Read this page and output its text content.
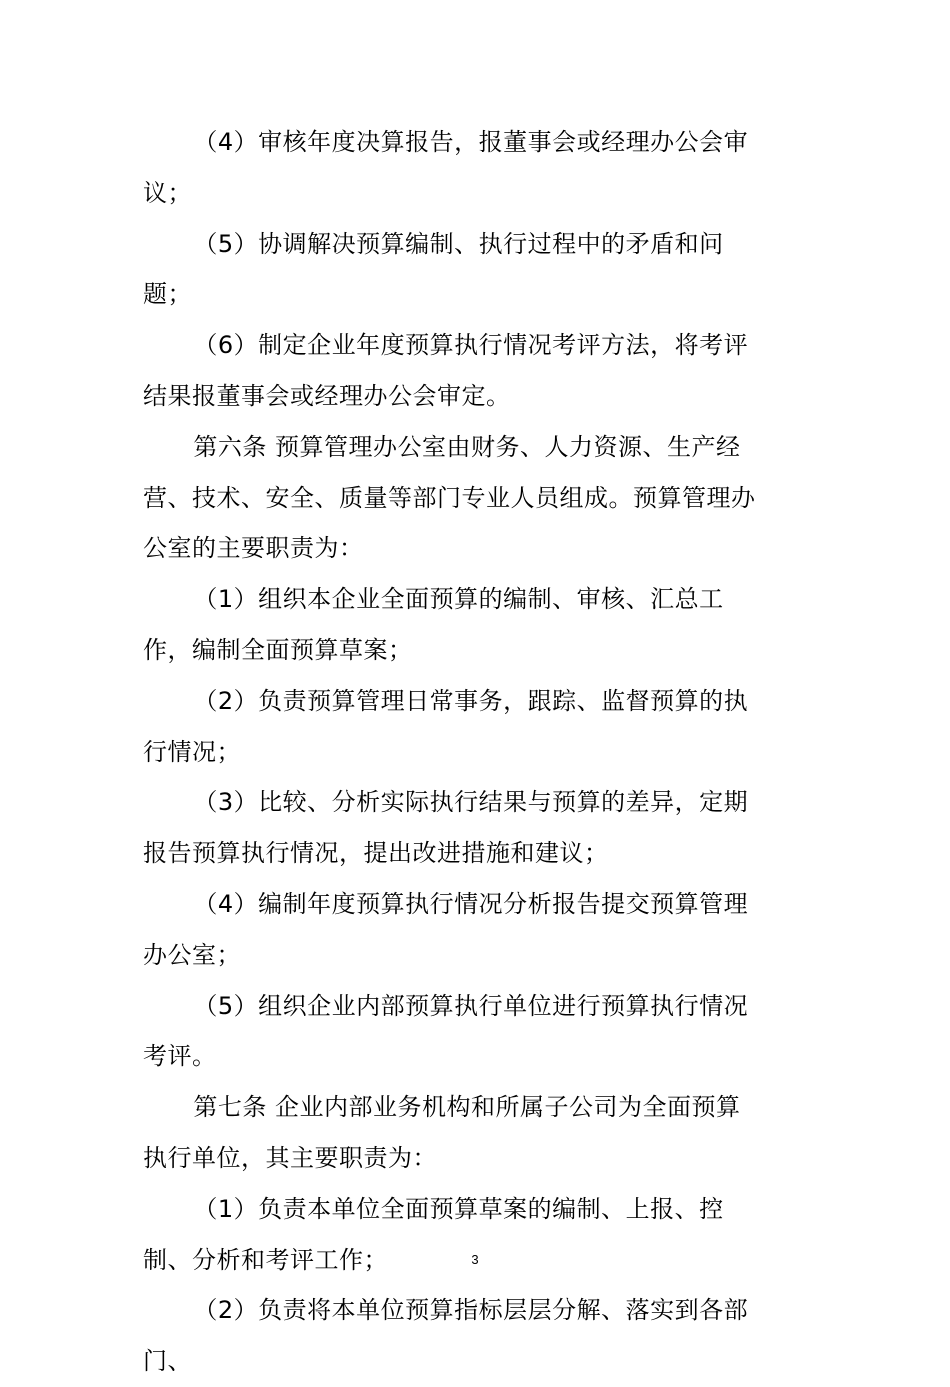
（4）审核年度决算报告，报董事会或经理办公会审议；

（5）协调解决预算编制、执行过程中的矛盾和问题；

（6）制定企业年度预算执行情况考评方法，将考评结果报董事会或经理办公会审定。

第六条 预算管理办公室由财务、人力资源、生产经营、技术、安全、质量等部门专业人员组成。预算管理办公室的主要职责为：

（1）组织本企业全面预算的编制、审核、汇总工作，编制全面预算草案；

（2）负责预算管理日常事务，跟踪、监督预算的执行情况；

（3）比较、分析实际执行结果与预算的差异，定期报告预算执行情况，提出改进措施和建议；

（4）编制年度预算执行情况分析报告提交预算管理办公室；

（5）组织企业内部预算执行单位进行预算执行情况考评。

第七条 企业内部业务机构和所属子公司为全面预算执行单位，其主要职责为：

（1）负责本单位全面预算草案的编制、上报、控制、分析和考评工作；

（2）负责将本单位预算指标层层分解、落实到各部门、

3
